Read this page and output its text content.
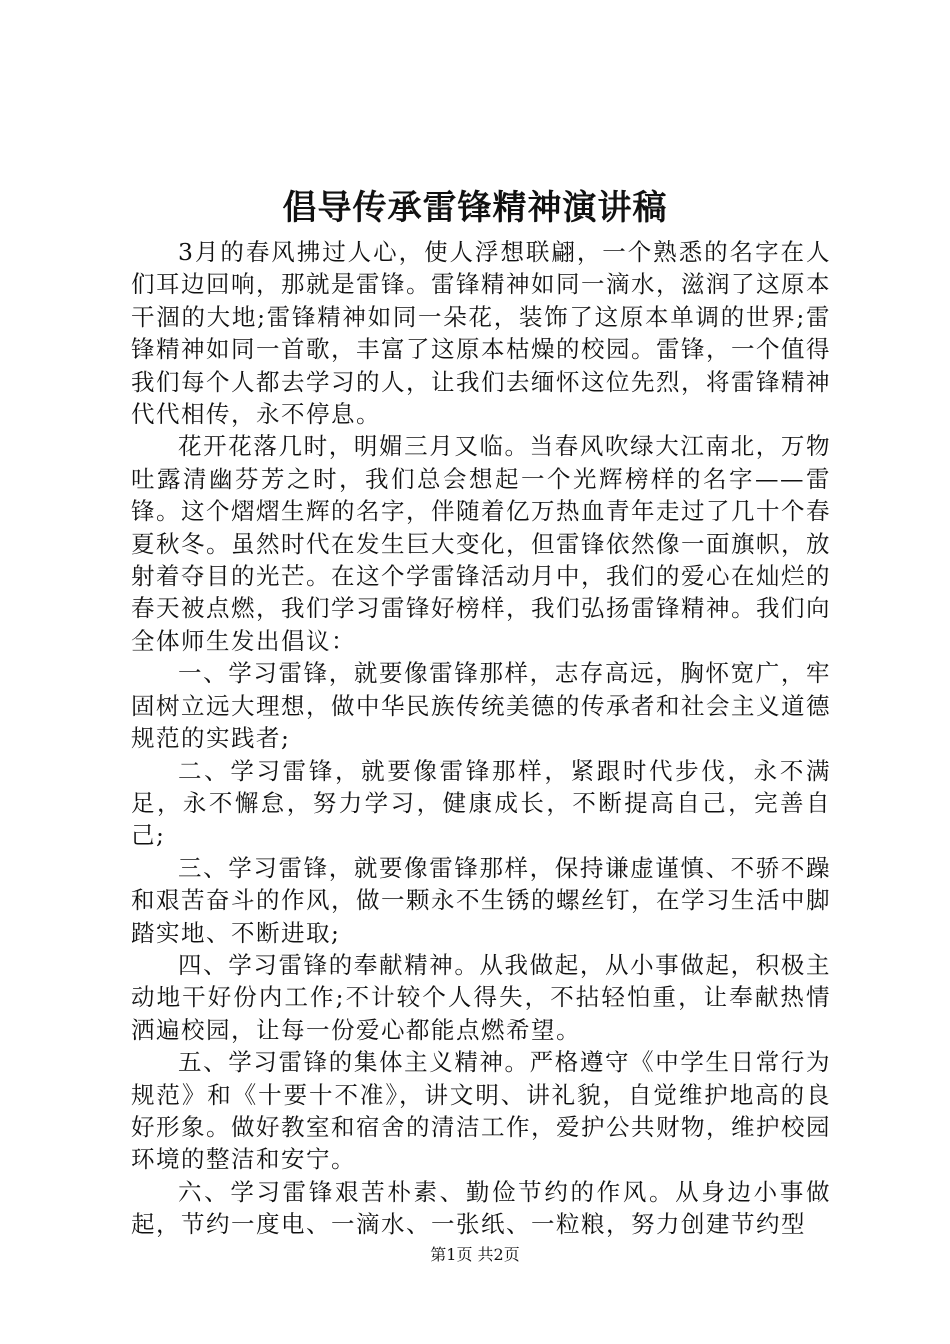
倡导传承雷锋精神演讲稿

3月的春风拂过人心，使人浮想联翩，一个熟悉的名字在人们耳边回响，那就是雷锋。雷锋精神如同一滴水，滋润了这原本干涸的大地;雷锋精神如同一朵花，装饰了这原本单调的世界;雷锋精神如同一首歌，丰富了这原本枯燥的校园。雷锋，一个值得我们每个人都去学习的人，让我们去缅怀这位先烈，将雷锋精神代代相传，永不停息。

花开花落几时，明媚三月又临。当春风吹绿大江南北，万物吐露清幽芬芳之时，我们总会想起一个光辉榜样的名字——雷锋。这个熠熠生辉的名字，伴随着亿万热血青年走过了几十个春夏秋冬。虽然时代在发生巨大变化，但雷锋依然像一面旗帜，放射着夺目的光芒。在这个学雷锋活动月中，我们的爱心在灿烂的春天被点燃，我们学习雷锋好榜样，我们弘扬雷锋精神。我们向全体师生发出倡议：

一、学习雷锋，就要像雷锋那样，志存高远，胸怀宽广，牢固树立远大理想，做中华民族传统美德的传承者和社会主义道德规范的实践者;

二、学习雷锋，就要像雷锋那样，紧跟时代步伐，永不满足，永不懈怠，努力学习，健康成长，不断提高自己，完善自己;

三、学习雷锋，就要像雷锋那样，保持谦虚谨慎、不骄不躁和艰苦奋斗的作风，做一颗永不生锈的螺丝钉，在学习生活中脚踏实地、不断进取;

四、学习雷锋的奉献精神。从我做起，从小事做起，积极主动地干好份内工作;不计较个人得失，不拈轻怕重，让奉献热情洒遍校园，让每一份爱心都能点燃希望。

五、学习雷锋的集体主义精神。严格遵守《中学生日常行为规范》和《十要十不准》，讲文明、讲礼貌，自觉维护地高的良好形象。做好教室和宿舍的清洁工作，爱护公共财物，维护校园环境的整洁和安宁。

六、学习雷锋艰苦朴素、勤俭节约的作风。从身边小事做起，节约一度电、一滴水、一张纸、一粒粮，努力创建节约型

第1页 共2页
